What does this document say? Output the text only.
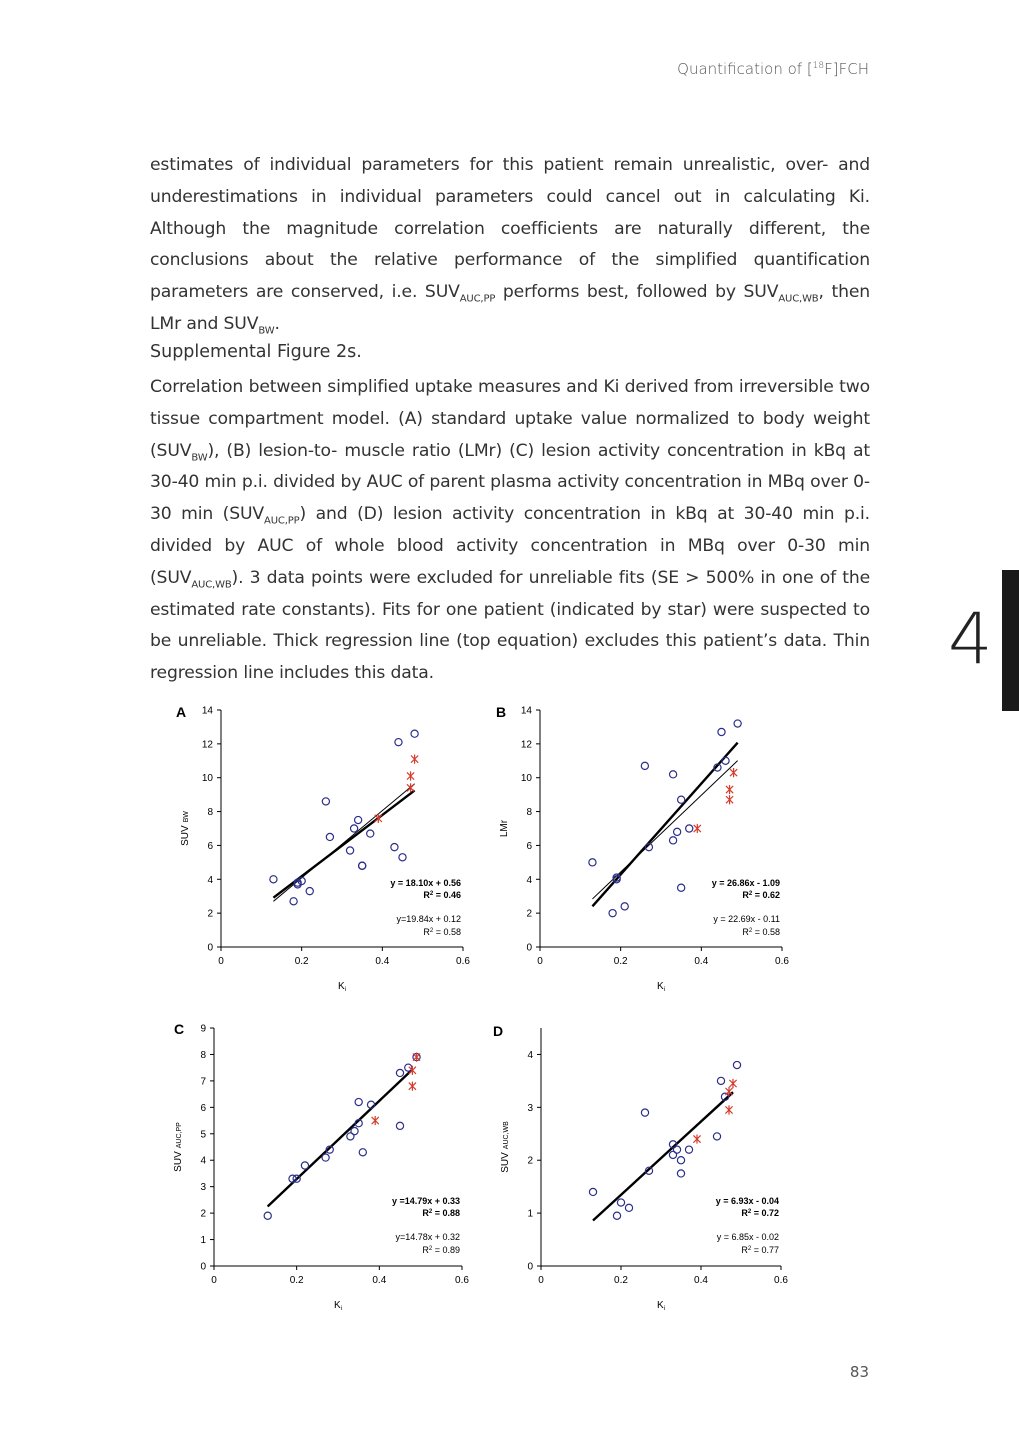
Quantification of [$^{18}$F]FCH

estimates of individual parameters for this patient remain unrealistic, over- and underestimations in individual parameters could cancel out in calculating Ki. Although the magnitude correlation coefficients are naturally different, the conclusions about the relative performance of the simplified quantification parameters are conserved, i.e. $SUV_{AUC,PP}$ performs best, followed by $SUV_{AUC,WB}$, then LMr and $SUV_{BW}$.

Supplemental Figure 2s.

Correlation between simplified uptake measures and Ki derived from irreversible two tissue compartment model. (A) standard uptake value normalized to body weight $(SUV_{BW})$, (B) lesion-to- muscle ratio (LMr) (C) lesion activity concentration in kBq at 30-40 min p.i. divided by AUC of parent plasma activity concentration in MBq over 0-30 $\min (SUV_{AUC,PP})$ and (D) lesion activity concentration in kBq at 30-40 min p.i. divided by AUC of whole blood activity concentration in MBq over 0-30 $\min (SUV_{AUC,WB})$. 3 data points were excluded for unreliable fits (SE > 500% in one of the estimated rate constants). Fits for one patient (indicated by star) were suspected to be unreliable. Thick regression line (top equation) excludes this patient’s data. Thin regression line includes this data.	4
A
0
2
4
6
8
10
12
14
0	0.2	0.4	0.6
$K_i$
SUVBW
y = 18.10x + 0.56
$R^2 = 0.46$
y=19.84x + 0.12
$R^2 = 0.58$
B
0
2
4
6
8
10
12
14
0	0.2	0.4	0.6
$K_i$
LMr
y = 26.86x - 1.09
$R^2 = 0.62$
y = 22.69x - 0.11
$R^2 = 0.58$
C
0
1
2
3
4
5
6
7
8
9
0	0.2	0.4	0.6
$K_i$
SUVAUC,PP
y =14.79x + 0.33
$R^2 = 0.88$
y=14.78x + 0.32
$R^2 = 0.89$
D
0
1
2
3
4
0	0.2	0.4	0.6
$K_i$
SUVAUC,WB
y = 6.93x - 0.04
$R^2 = 0.72$
y = 6.85x - 0.02
$R^2 = 0.77$
83
